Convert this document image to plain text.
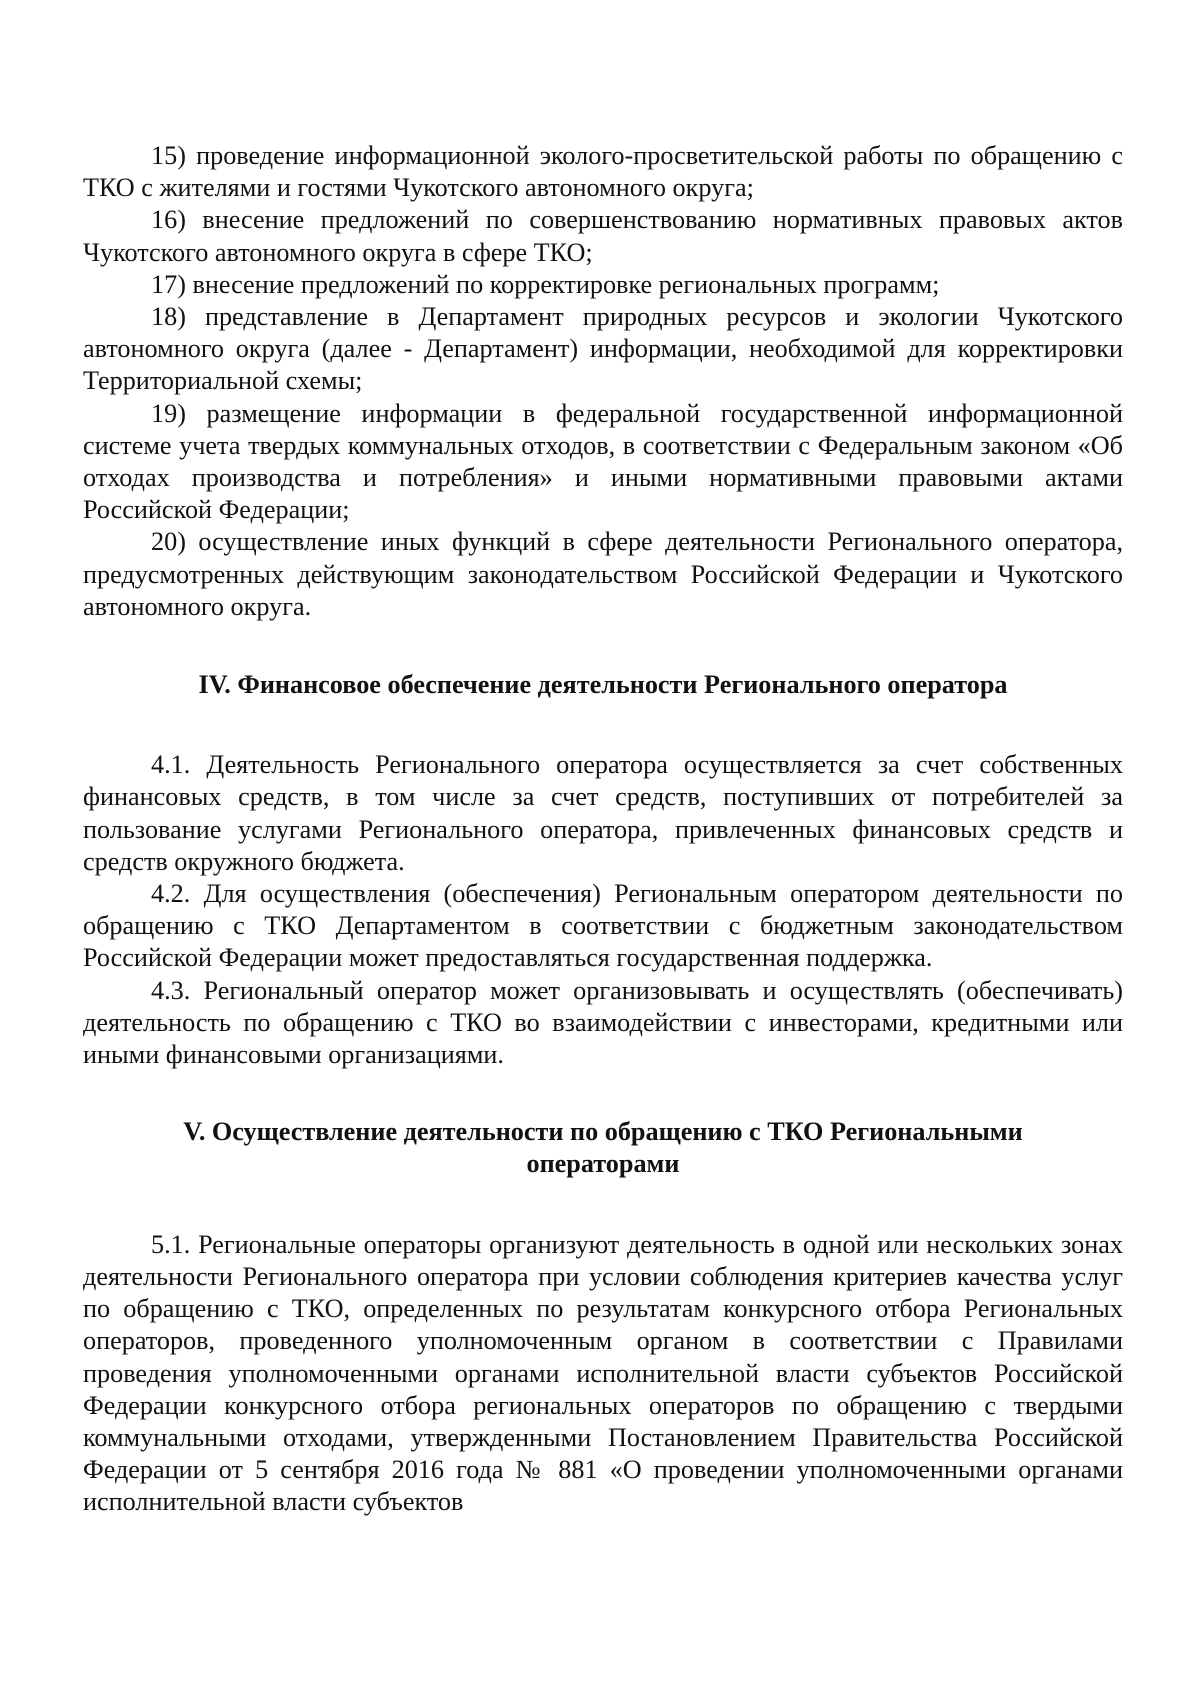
15) проведение информационной эколого-просветительской работы по обращению с ТКО с жителями и гостями Чукотского автономного округа;

16) внесение предложений по совершенствованию нормативных правовых актов Чукотского автономного округа в сфере ТКО;

17) внесение предложений по корректировке региональных программ;

18) представление в Департамент природных ресурсов и экологии Чукотского автономного округа (далее - Департамент) информации, необходимой для корректировки Территориальной схемы;

19) размещение информации в федеральной государственной информационной системе учета твердых коммунальных отходов, в соответствии с Федеральным законом «Об отходах производства и потребления» и иными нормативными правовыми актами Российской Федерации;

20) осуществление иных функций в сфере деятельности Регионального оператора, предусмотренных действующим законодательством Российской Федерации и Чукотского автономного округа.

IV. Финансовое обеспечение деятельности Регионального оператора

4.1. Деятельность Регионального оператора осуществляется за счет собственных финансовых средств, в том числе за счет средств, поступивших от потребителей за пользование услугами Регионального оператора, привлеченных финансовых средств и средств окружного бюджета.

4.2. Для осуществления (обеспечения) Региональным оператором деятельности по обращению с ТКО Департаментом в соответствии с бюджетным законодательством Российской Федерации может предоставляться государственная поддержка.

4.3. Региональный оператор может организовывать и осуществлять (обеспечивать) деятельность по обращению с ТКО во взаимодействии с инвесторами, кредитными или иными финансовыми организациями.

V. Осуществление деятельности по обращению с ТКО Региональными
операторами

5.1. Региональные операторы организуют деятельность в одной или нескольких зонах деятельности Регионального оператора при условии соблюдения критериев качества услуг по обращению с ТКО, определенных по результатам конкурсного отбора Региональных операторов, проведенного уполномоченным органом в соответствии с Правилами проведения уполномоченными органами исполнительной власти субъектов Российской Федерации конкурсного отбора региональных операторов по обращению с твердыми коммунальными отходами, утвержденными Постановлением Правительства Российской Федерации от 5 сентября 2016 года № 881 «О проведении уполномоченными органами исполнительной власти субъектов
